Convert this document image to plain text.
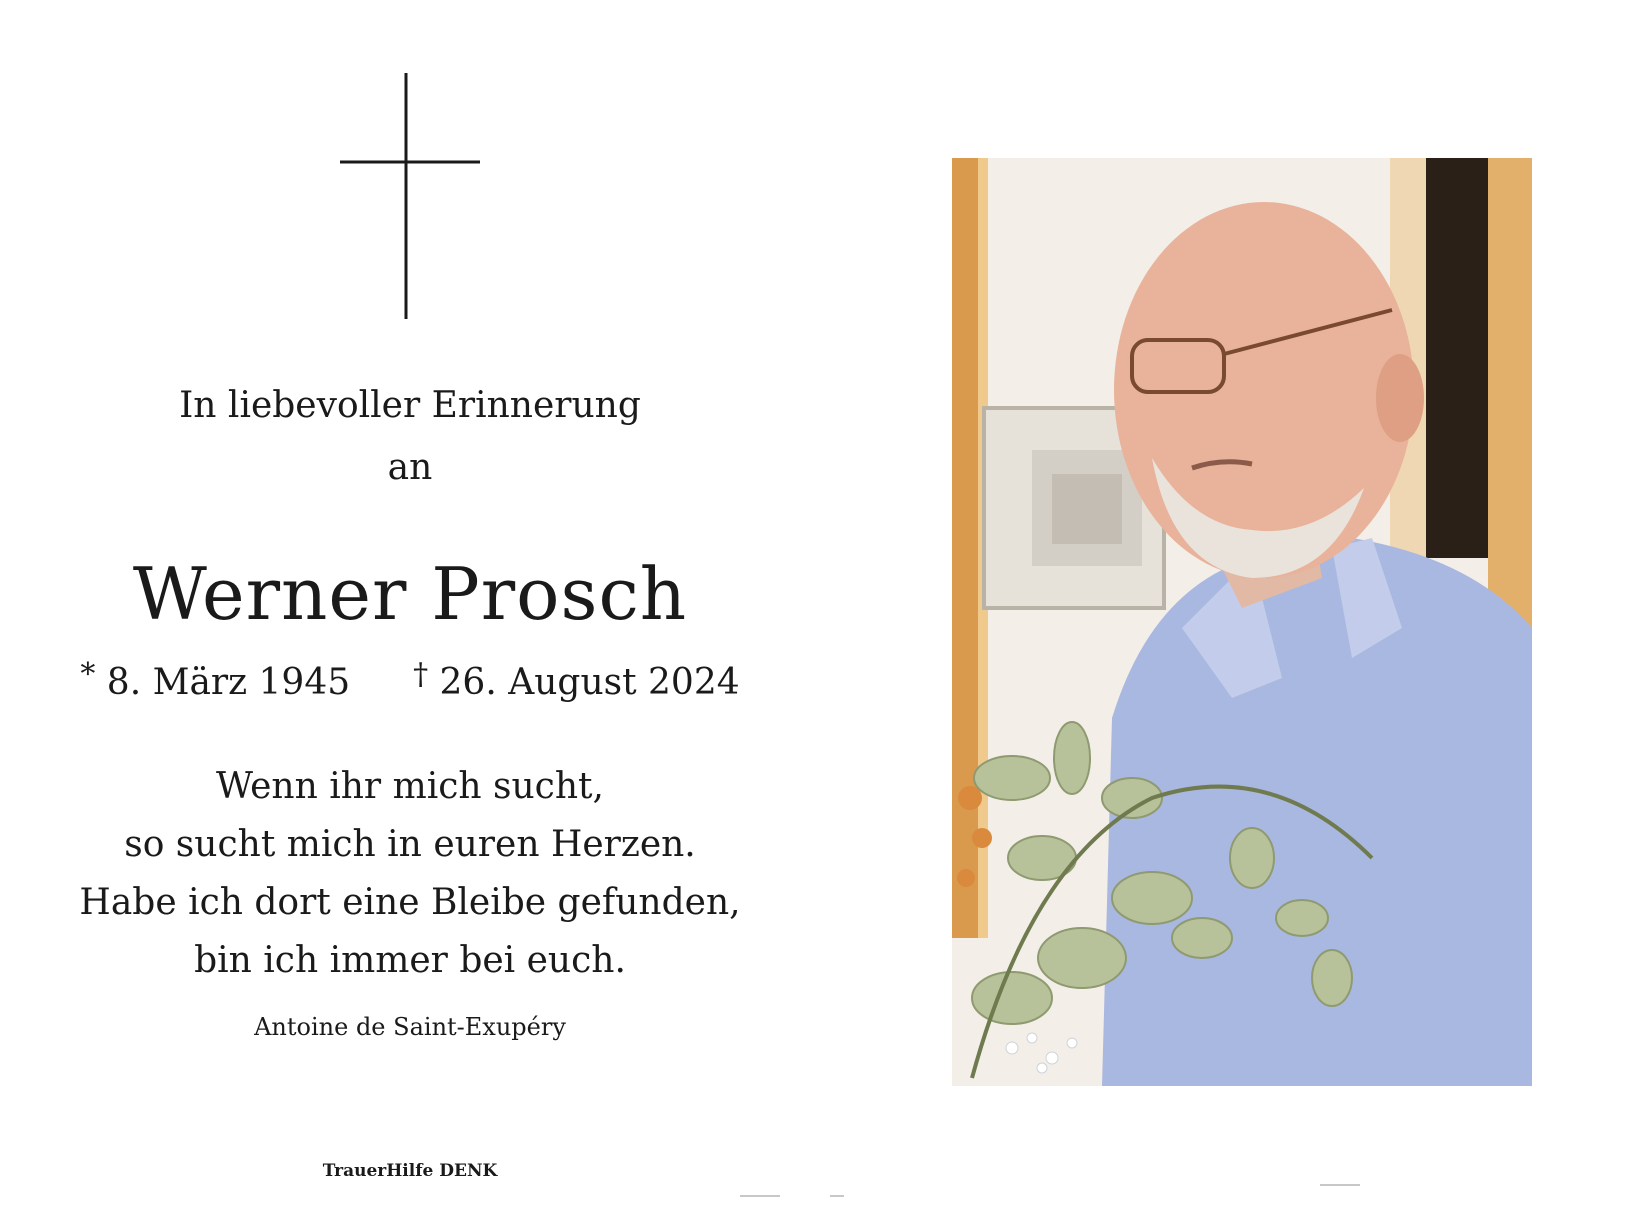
In liebevoller Erinnerung
an
Werner Prosch
* 8. März 1945 † 26. August 2024
Wenn ihr mich sucht,
so sucht mich in euren Herzen.
Habe ich dort eine Bleibe gefunden,
bin ich immer bei euch.
Antoine de Saint-Exupéry
TrauerHilfe DENK
